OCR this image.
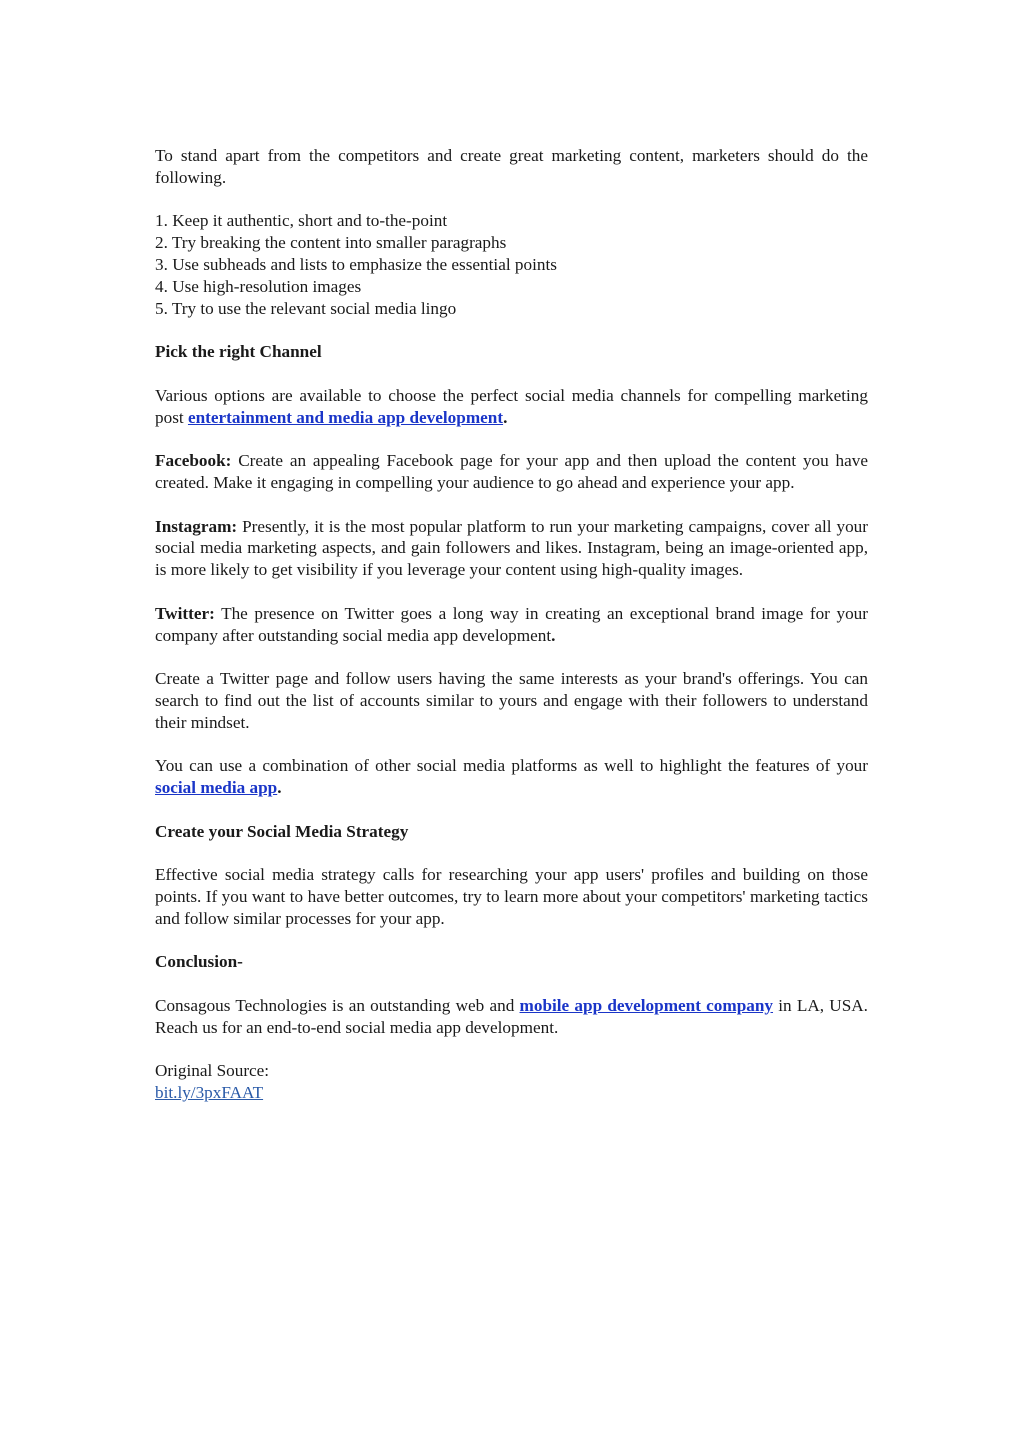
To stand apart from the competitors and create great marketing content, marketers should do the following.

1. Keep it authentic, short and to-the-point
2. Try breaking the content into smaller paragraphs
3. Use subheads and lists to emphasize the essential points
4. Use high-resolution images
5. Try to use the relevant social media lingo
Pick the right Channel

Various options are available to choose the perfect social media channels for compelling marketing post entertainment and media app development.

Facebook: Create an appealing Facebook page for your app and then upload the content you have created. Make it engaging in compelling your audience to go ahead and experience your app.

Instagram: Presently, it is the most popular platform to run your marketing campaigns, cover all your social media marketing aspects, and gain followers and likes. Instagram, being an image-oriented app, is more likely to get visibility if you leverage your content using high-quality images.

Twitter: The presence on Twitter goes a long way in creating an exceptional brand image for your company after outstanding social media app development.

Create a Twitter page and follow users having the same interests as your brand's offerings. You can search to find out the list of accounts similar to yours and engage with their followers to understand their mindset.

You can use a combination of other social media platforms as well to highlight the features of your social media app.

Create your Social Media Strategy

Effective social media strategy calls for researching your app users' profiles and building on those points. If you want to have better outcomes, try to learn more about your competitors' marketing tactics and follow similar processes for your app.

Conclusion-

Consagous Technologies is an outstanding web and mobile app development company in LA, USA. Reach us for an end-to-end social media app development.

Original Source:
bit.ly/3pxFAAT
